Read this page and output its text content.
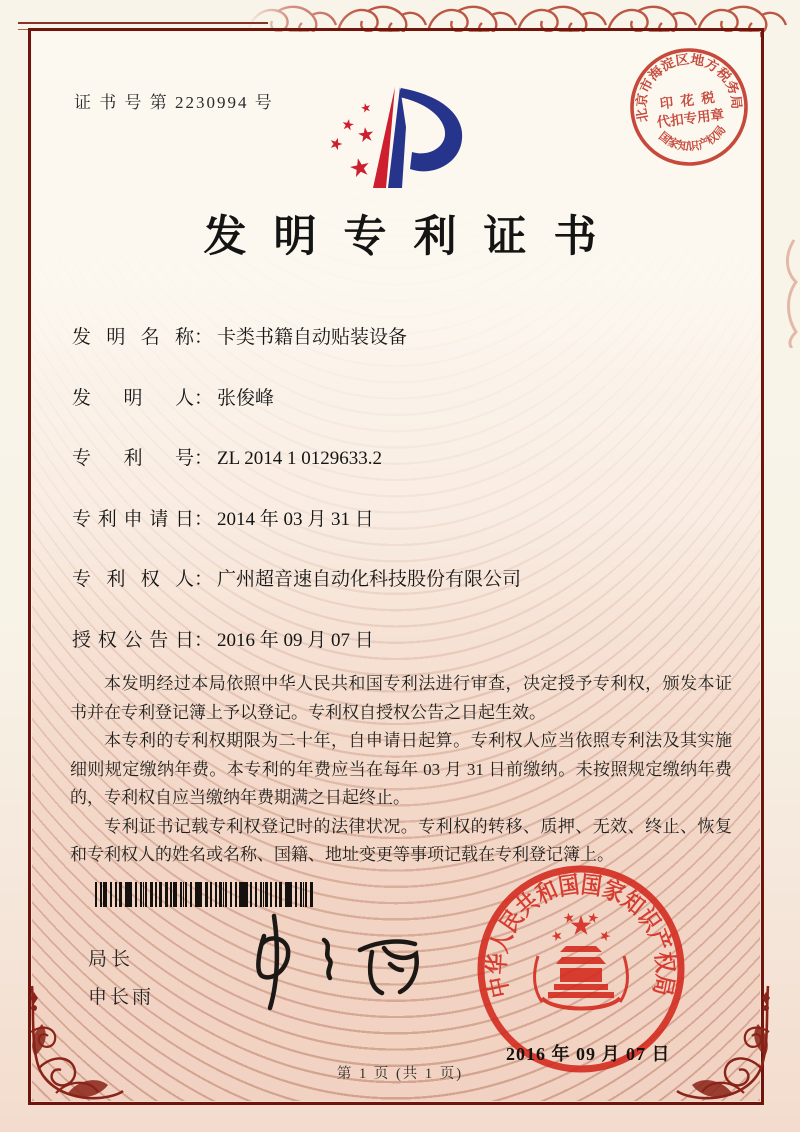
证 书 号 第 2230994 号
北京市海淀区地方税务局
印 花 税
代扣专用章
国家知识产权局
发明专利证书
发 明 名 称： 卡类书籍自动贴装设备
发 明 人： 张俊峰
专 利 号： ZL 2014 1 0129633.2
专利申请日： 2014 年 03 月 31 日
专 利 权 人： 广州超音速自动化科技股份有限公司
授权公告日： 2016 年 09 月 07 日

本发明经过本局依照中华人民共和国专利法进行审查，决定授予专利权，颁发本证书并在专利登记簿上予以登记。专利权自授权公告之日起生效。

本专利的专利权期限为二十年，自申请日起算。专利权人应当依照专利法及其实施细则规定缴纳年费。本专利的年费应当在每年 03 月 31 日前缴纳。未按照规定缴纳年费的，专利权自应当缴纳年费期满之日起终止。

专利证书记载专利权登记时的法律状况。专利权的转移、质押、无效、终止、恢复和专利权人的姓名或名称、国籍、地址变更等事项记载在专利登记簿上。

局长
申长雨	中华人民共和国国家知识产权局
2016 年 09 月 07 日
第 1 页 (共 1 页)
